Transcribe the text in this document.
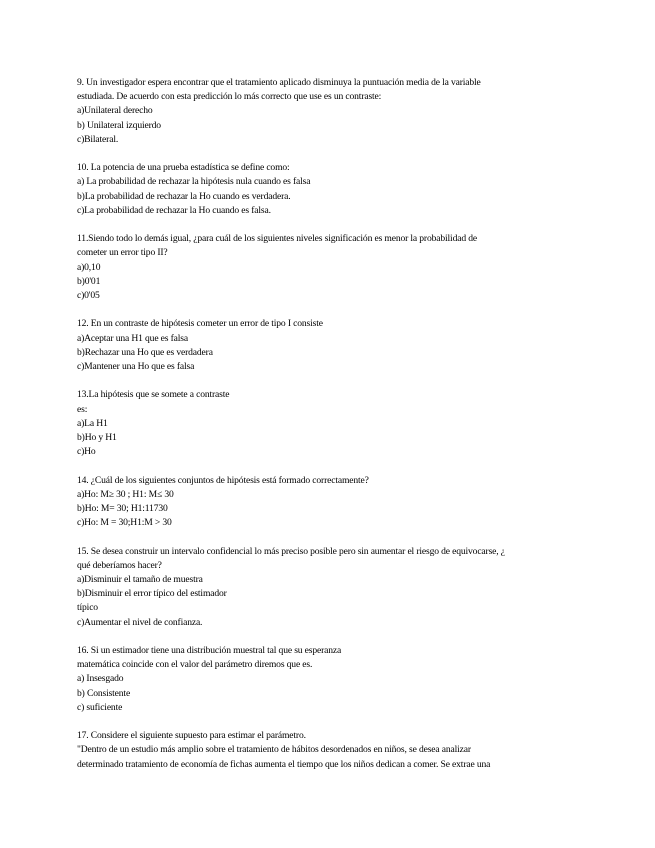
9. Un investigador espera encontrar que el tratamiento aplicado disminuya la puntuación media de la variable
estudiada. De acuerdo con esta predicción lo más correcto que use es un contraste:
a)Unilateral derecho
b) Unilateral izquierdo
c)Bilateral.
10. La potencia de una prueba estadística se define como:
a) La probabilidad de rechazar la hipótesis nula cuando es falsa
b)La probabilidad de rechazar la Ho cuando es verdadera.
c)La probabilidad de rechazar la Ho cuando es falsa.
11.Siendo todo lo demás igual, ¿para cuál de los siguientes niveles significación es menor la probabilidad de
cometer un error tipo II?
a)0,10
b)0'01
c)0'05
12. En un contraste de hipótesis cometer un error de tipo I consiste
a)Aceptar una H1 que es falsa
b)Rechazar una Ho que es verdadera
c)Mantener una Ho que es falsa
13.La hipótesis que se somete a contraste
es:
a)La H1
b)Ho y H1
c)Ho
14. ¿Cuál de los siguientes conjuntos de hipótesis está formado correctamente?
a)Ho: M≥ 30 ; H1: M≤ 30
b)Ho: M= 30; H1:11730
c)Ho: M = 30;H1:M > 30
15. Se desea construir un intervalo confidencial lo más preciso posible pero sin aumentar el riesgo de equivocarse, ¿
qué deberíamos hacer?
a)Disminuir el tamaño de muestra
b)Disminuir el error típico del estimador
típico
c)Aumentar el nivel de confianza.
16. Si un estimador tiene una distribución muestral tal que su esperanza
matemática coincide con el valor del parámetro diremos que es.
a) Insesgado
b) Consistente
c) suficiente
17. Considere el siguiente supuesto para estimar el parámetro.
"Dentro de un estudio más amplio sobre el tratamiento de hábitos desordenados en niños, se desea analizar
determinado tratamiento de economía de fichas aumenta el tiempo que los niños dedican a comer. Se extrae una
